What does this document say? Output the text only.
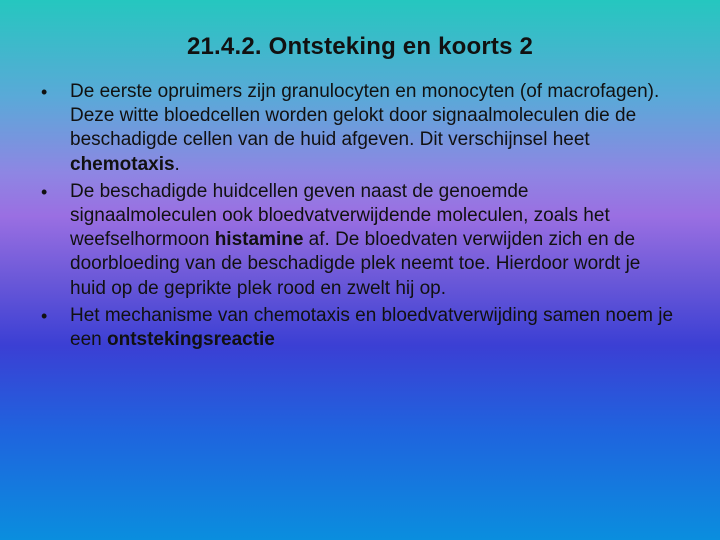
21.4.2. Ontsteking en koorts 2
• De eerste opruimers zijn granulocyten en monocyten (of macrofagen). Deze witte bloedcellen worden gelokt door signaalmoleculen die de beschadigde cellen van de huid afgeven. Dit verschijnsel heet chemotaxis.
• De beschadigde huidcellen geven naast de genoemde signaalmoleculen ook bloedvatverwijdende moleculen, zoals het weefselhormoon histamine af. De bloedvaten verwijden zich en de doorbloeding van de beschadigde plek neemt toe. Hierdoor wordt je huid op de geprikte plek rood en zwelt hij op.
• Het mechanisme van chemotaxis en bloedvatverwijding samen noem je een ontstekingsreactie
